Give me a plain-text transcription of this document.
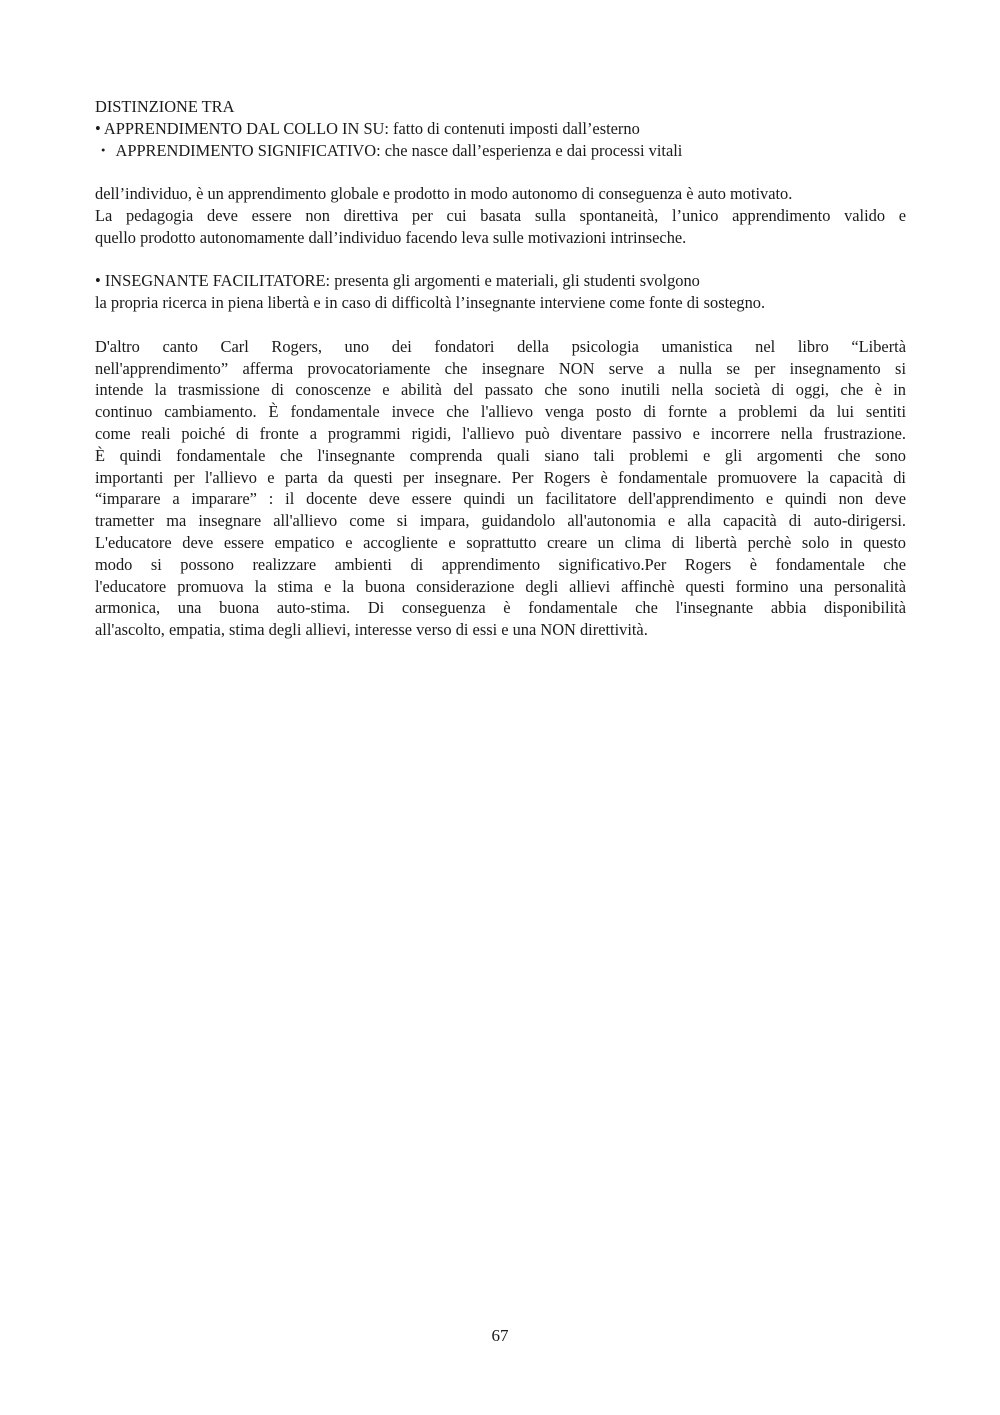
DISTINZIONE TRA
• APPRENDIMENTO DAL COLLO IN SU: fatto di contenuti imposti dall’esterno
・ APPRENDIMENTO SIGNIFICATIVO: che nasce dall’esperienza e dai processi vitali
dell’individuo, è un apprendimento globale e prodotto in modo autonomo di conseguenza è auto motivato.
La pedagogia deve essere non direttiva per cui basata sulla spontaneità, l’unico apprendimento valido e
quello prodotto autonomamente dall’individuo facendo leva sulle motivazioni intrinseche.
• INSEGNANTE FACILITATORE: presenta gli argomenti e materiali, gli studenti svolgono
la propria ricerca in piena libertà e in caso di difficoltà l’insegnante interviene come fonte di sostegno.
D'altro canto Carl Rogers, uno dei fondatori della psicologia umanistica nel libro “Libertà
nell'apprendimento” afferma provocatoriamente che insegnare NON serve a nulla se per insegnamento si
intende la trasmissione di conoscenze e abilità del passato che sono inutili nella società di oggi, che è in
continuo cambiamento. È fondamentale invece che l'allievo venga posto di fornte a problemi da lui sentiti
come reali poiché di fronte a programmi rigidi, l'allievo può diventare passivo e incorrere nella frustrazione.
È quindi fondamentale che l'insegnante comprenda quali siano tali problemi e gli argomenti che sono
importanti per l'allievo e parta da questi per insegnare. Per Rogers è fondamentale promuovere la capacità di
“imparare a imparare” : il docente deve essere quindi un facilitatore dell'apprendimento e quindi non deve
trametter ma insegnare all'allievo come si impara, guidandolo all'autonomia e alla capacità di auto-dirigersi.
L'educatore deve essere empatico e accogliente e soprattutto creare un clima di libertà perchè solo in questo
modo si possono realizzare ambienti di apprendimento significativo.Per Rogers è fondamentale che
l'educatore promuova la stima e la buona considerazione degli allievi affinchè questi formino una personalità
armonica, una buona auto-stima. Di conseguenza è fondamentale che l'insegnante abbia disponibilità
all'ascolto, empatia, stima degli allievi, interesse verso di essi e una NON direttività.
67
